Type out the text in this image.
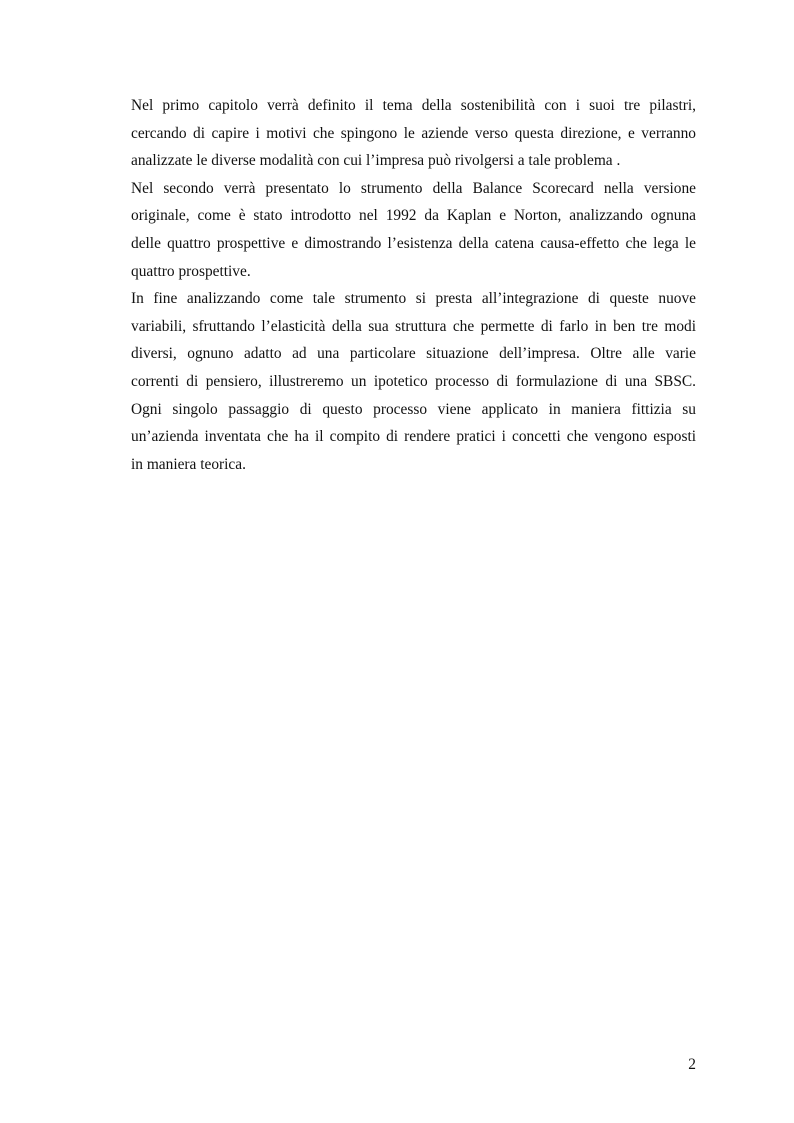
Nel primo capitolo verrà definito il tema della sostenibilità con i suoi tre pilastri,
cercando di capire i motivi che spingono le aziende verso questa direzione, e verranno
analizzate le diverse modalità con cui l’impresa può rivolgersi a tale problema .

Nel secondo verrà presentato lo strumento della Balance Scorecard nella versione
originale, come è stato introdotto nel 1992 da Kaplan e Norton, analizzando ognuna
delle quattro prospettive e dimostrando l’esistenza della catena causa-effetto che lega le
quattro prospettive.

In fine analizzando come tale strumento si presta all’integrazione di queste nuove
variabili, sfruttando l’elasticità della sua struttura che permette di farlo in ben tre modi
diversi, ognuno adatto ad una particolare situazione dell’impresa. Oltre alle varie
correnti di pensiero, illustreremo un ipotetico processo di formulazione di una SBSC.
Ogni singolo passaggio di questo processo viene applicato in maniera fittizia su
un’azienda inventata che ha il compito di rendere pratici i concetti che vengono esposti
in maniera teorica.

2
